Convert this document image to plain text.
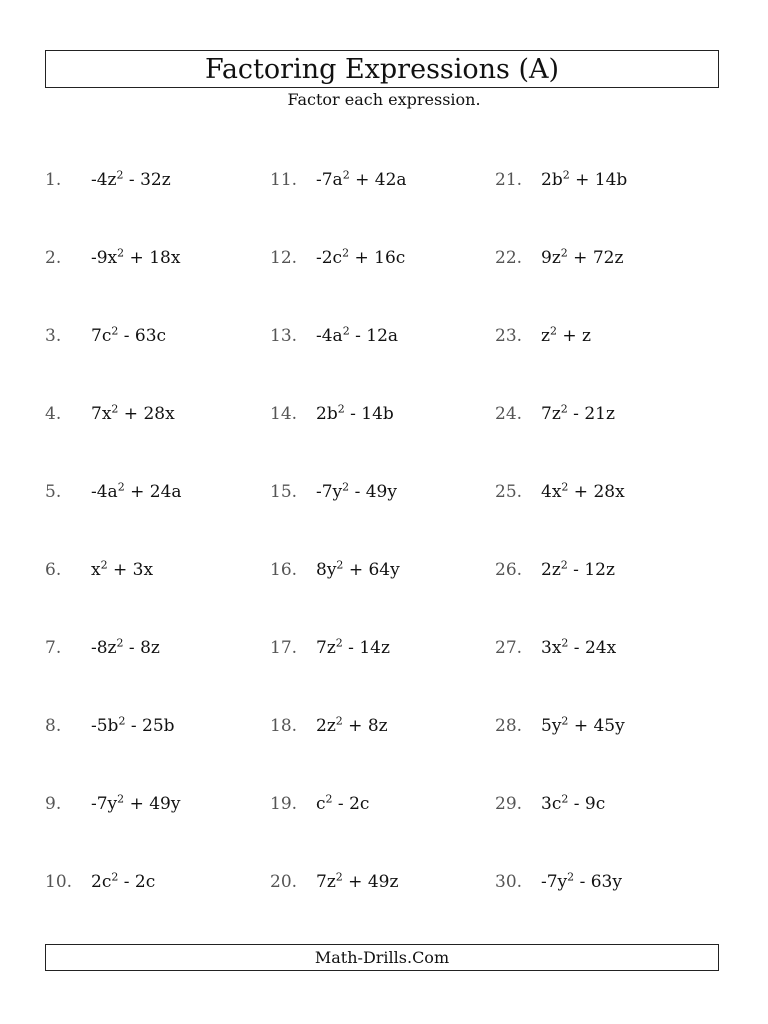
Factoring Expressions (A)
Factor each expression.
1.	$-4z^2 - 32z$
2.	$-9x^2 + 18x$
3.	$7c^2 - 63c$
4.	$7x^2 + 28x$
5.	$-4a^2 + 24a$
6.	$x^2 + 3x$
7.	$-8z^2 - 8z$
8.	$-5b^2 - 25b$
9.	$-7y^2 + 49y$
10.	$2c^2 - 2c$
11.	$-7a^2 + 42a$
12.	$-2c^2 + 16c$
13.	$-4a^2 - 12a$
14.	$2b^2 - 14b$
15.	$-7y^2 - 49y$
16.	$8y^2 + 64y$
17.	$7z^2 - 14z$
18.	$2z^2 + 8z$
19.	$c^2 - 2c$
20.	$7z^2 + 49z$
21.	$2b^2 + 14b$
22.	$9z^2 + 72z$
23.	$z^2 + z$
24.	$7z^2 - 21z$
25.	$4x^2 + 28x$
26.	$2z^2 - 12z$
27.	$3x^2 - 24x$
28.	$5y^2 + 45y$
29.	$3c^2 - 9c$
30.	$-7y^2 - 63y$
Math-Drills.Com
